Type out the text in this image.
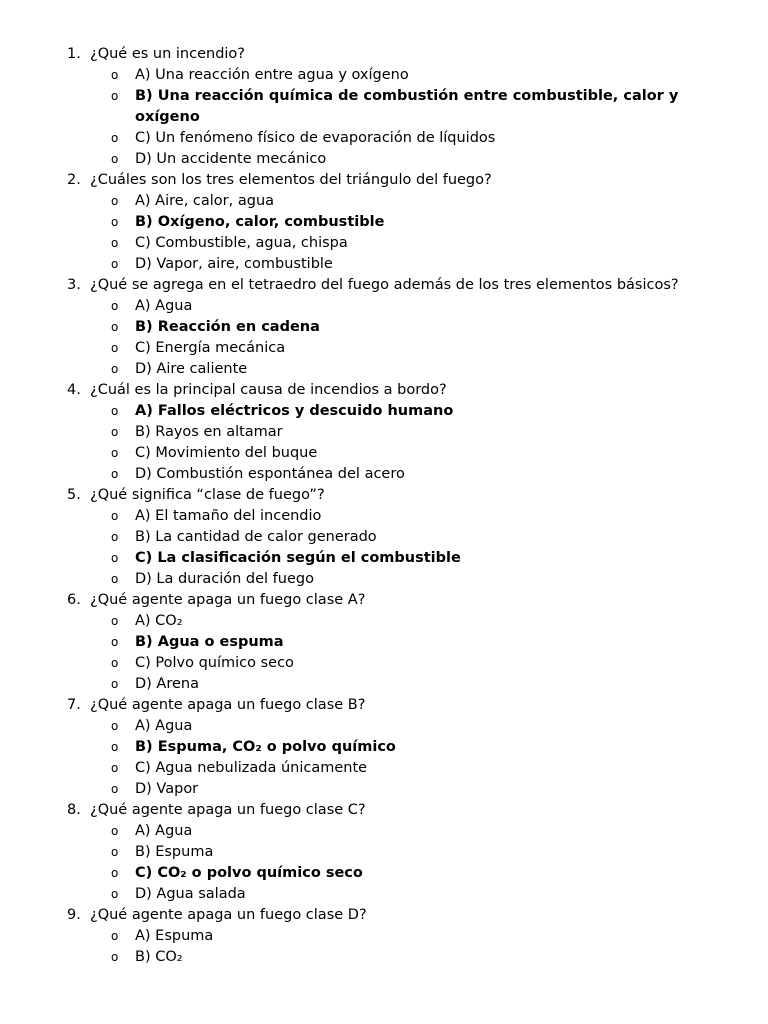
1. ¿Qué es un incendio?
o A) Una reacción entre agua y oxígeno
o B) Una reacción química de combustión entre combustible, calor y oxígeno
o C) Un fenómeno físico de evaporación de líquidos
o D) Un accidente mecánico
2. ¿Cuáles son los tres elementos del triángulo del fuego?
o A) Aire, calor, agua
o B) Oxígeno, calor, combustible
o C) Combustible, agua, chispa
o D) Vapor, aire, combustible
3. ¿Qué se agrega en el tetraedro del fuego además de los tres elementos básicos?
o A) Agua
o B) Reacción en cadena
o C) Energía mecánica
o D) Aire caliente
4. ¿Cuál es la principal causa de incendios a bordo?
o A) Fallos eléctricos y descuido humano
o B) Rayos en altamar
o C) Movimiento del buque
o D) Combustión espontánea del acero
5. ¿Qué significa “clase de fuego”?
o A) El tamaño del incendio
o B) La cantidad de calor generado
o C) La clasificación según el combustible
o D) La duración del fuego
6. ¿Qué agente apaga un fuego clase A?
o A) CO₂
o B) Agua o espuma
o C) Polvo químico seco
o D) Arena
7. ¿Qué agente apaga un fuego clase B?
o A) Agua
o B) Espuma, CO₂ o polvo químico
o C) Agua nebulizada únicamente
o D) Vapor
8. ¿Qué agente apaga un fuego clase C?
o A) Agua
o B) Espuma
o C) CO₂ o polvo químico seco
o D) Agua salada
9. ¿Qué agente apaga un fuego clase D?
o A) Espuma
o B) CO₂
